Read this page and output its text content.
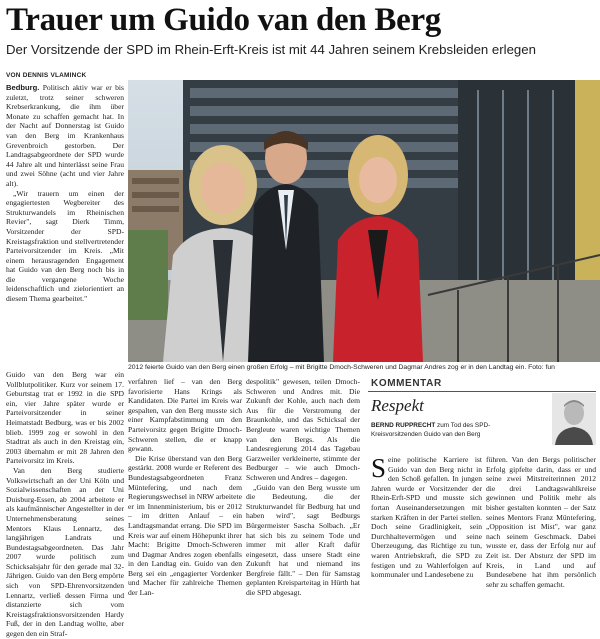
Trauer um Guido van den Berg
Der Vorsitzende der SPD im Rhein-Erft-Kreis ist mit 44 Jahren seinem Krebsleiden erlegen
VON DENNIS VLAMINCK

Bedburg. Politisch aktiv war er bis zuletzt, trotz seiner schweren Krebserkrankung, die ihm über Monate zu schaffen gemacht hat. In der Nacht auf Donnerstag ist Guido van den Berg im Krankenhaus Grevenbroich gestorben. Der Landtagsabgeordnete der SPD wurde 44 Jahre alt und hinterlässt seine Frau und zwei Söhne (acht und vier Jahre alt).

„Wir trauern um einen der engagiertesten Wegbereiter des Strukturwandels im Rheinischen Revier", sagt Dierk Timm, Vorsitzender der SPD-Kreistagsfraktion und stellvertretender Parteivorsitzender im Kreis. „Mit einem herausragenden Engagement hat Guido van den Berg noch bis in die vergangene Woche leidenschaftlich und zielorientiert an diesem Thema gearbeitet."

Guido van den Berg war ein Vollblutpolitiker. Kurz vor seinem 17. Geburtstag trat er 1992 in die SPD ein, vier Jahre später wurde er Parteivorsitzender in seiner Heimatstadt Bedburg, was er bis 2002 blieb. 1999 zog er sowohl in den Stadtrat als auch in den Kreistag ein, 2003 übernahm er mit 28 Jahren den Parteivorsitz im Kreis.

Van den Berg studierte Volkswirtschaft an der Uni Köln und Sozialwissenschaften an der Uni Duisburg-Essen, ab 2004 arbeitete er als kaufmännischer Angestellter in der Unternehmensberatung seines Mentors Klaus Lennartz, des langjährigen Landrats und Bundestagsabgeordneten. Das Jahr 2007 wurde politisch zum Schicksalsjahr für den gerade mal 32-Jährigen. Guido van den Berg empörte sich von SPD-Ehrenvorsitzenden Lennartz, verließ dessen Firma und distanzierte sich vom Kreistagsfraktionsvorsitzenden Hardy Fuß, der in den Landtag wollte, aber gegen den ein Straf-

2012 feierte Guido van den Berg einen großen Erfolg – mit Brigitte Dmoch-Schweren und Dagmar Andres zog er in den Landtag ein. Foto: fun

verfahren lief – van den Berg favorisierte Hans Krings als Kandidaten. Die Partei im Kreis war gespalten, van den Berg musste sich einer Kampfabstimmung um den Parteivorsitz gegen Brigitte Dmoch-Schweren stellen, die er knapp gewann.

Die Krise überstand van den Berg gestärkt. 2008 wurde er Referent des Bundestagsabgeordneten Franz Müntefering, und nach dem Regierungswechsel in NRW arbeitete er im Innenministerium, bis er 2012 – im dritten Anlauf – ein Landtagsmandat errang. Die SPD im Kreis war auf einem Höhepunkt ihrer Macht: Brigitte Dmoch-Schweren und Dagmar Andres zogen ebenfalls in den Landtag ein. Guido van den Berg sei ein „engagierter Vordenker und Macher für zahlreiche Themen der Lan-

despolitik" gewesen, teilen Dmoch-Schweren und Andres mit. Die Zukunft der Kohle, auch nach dem Aus für die Verstromung der Braunkohle, und das Schicksal der Bergleute waren wichtige Themen van den Bergs. Als die Landesregierung 2014 das Tagebau Garzweiler verkleinerte, stimmte der Bedburger – wie auch Dmoch-Schweren und Andres – dagegen.

„Guido van den Berg wusste um die Bedeutung, die der Strukturwandel für Bedburg hat und haben wird", sagt Bedburgs Bürgermeister Sascha Solbach. „Er hat sich bis zu seinem Tode und immer mit aller Kraft dafür eingesetzt, dass unsere Stadt eine Zukunft hat und niemand ins Bergfreie fällt." – Den für Samstag geplanten Kreisparteitag in Hürth hat die SPD abgesagt.

KOMMENTAR
Respekt
BERND RUPPRECHT zum Tod des SPD-Kreisvorsitzenden Guido van den Berg

Seine politische Karriere ist Guido van den Berg nicht in den Schoß gefallen. In jungen Jahren wurde er Vorsitzender der Rhein-Erft-SPD und musste sich fortan Auseinandersetzungen mit starken Kräften in der Partei stellen. Doch seine Gradlinigkeit, sein Durchhaltevermögen und seine Überzeugung, das Richtige zu tun, waren Antriebskraft, die SPD zu festigen und zu Wahlerfolgen auf kommunaler und Landesebene zu

führen. Van den Bergs politischer Erfolg gipfelte darin, dass er und seine zwei Mitstreiterinnen 2012 die drei Landtagswahlkreise gewinnen und Politik mehr als bisher gestalten konnten – der Satz seines Mentors Franz Müntefering, „Opposition ist Mist", war ganz nach seinem Geschmack. Dabei wusste er, dass der Erfolg nur auf Zeit ist. Der Absturz der SPD im Kreis, in Land und auf Bundesebene hat ihm persönlich sehr zu schaffen gemacht.
